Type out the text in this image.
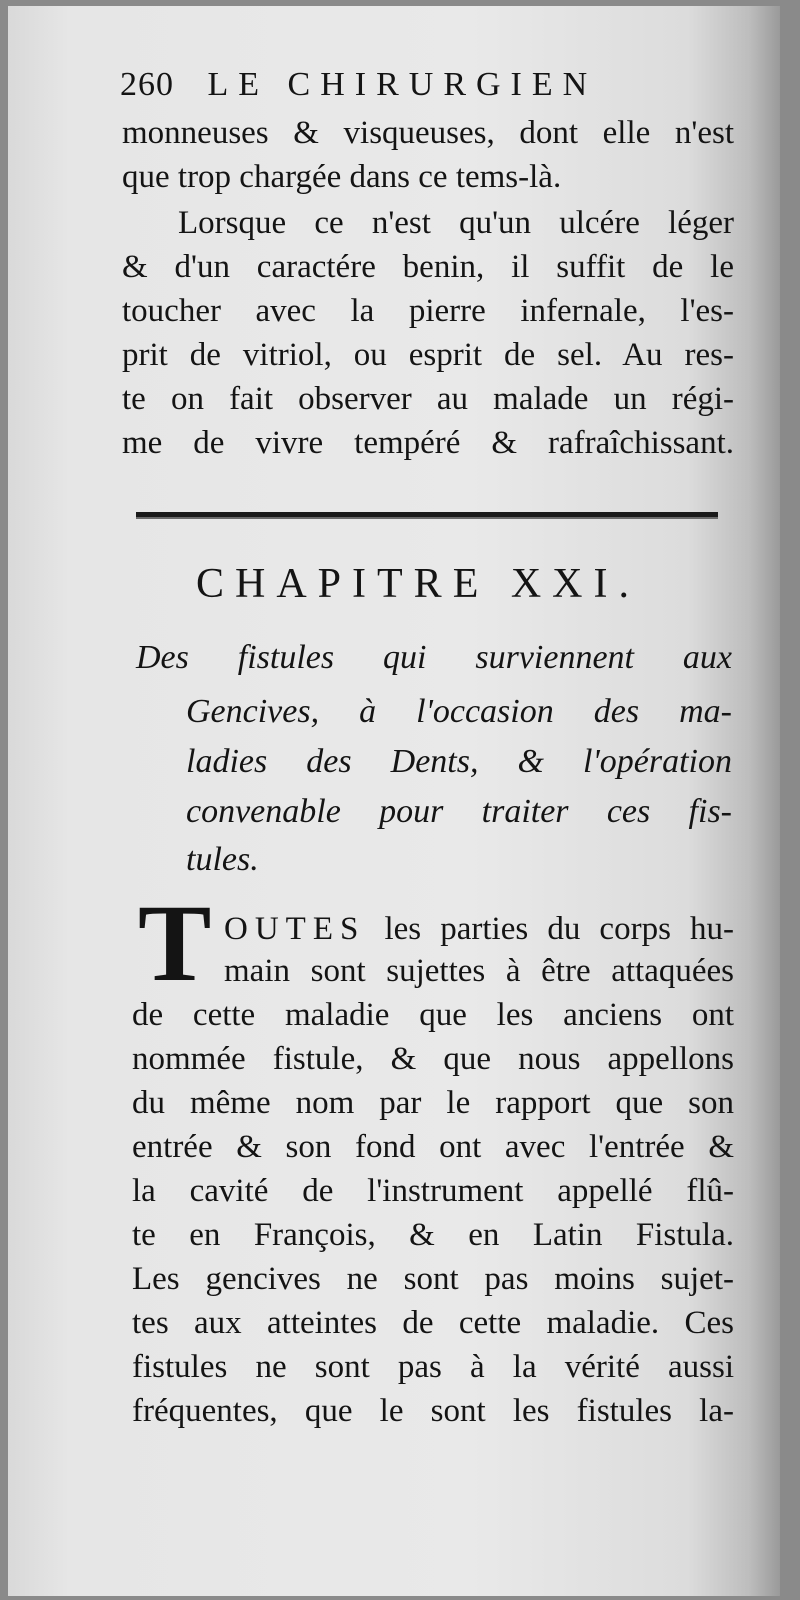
260 LE CHIRURGIEN
monneuses & visqueuses, dont elle n'est
que trop chargée dans ce tems-là.
Lorsque ce n'est qu'un ulcére léger
& d'un caractére benin, il suffit de le
toucher avec la pierre infernale, l'es-
prit de vitriol, ou esprit de sel. Au res-
te on fait observer au malade un régi-
me de vivre tempéré & rafraîchissant.
CHAPITRE XXI.
Des fistules qui surviennent aux
Gencives, à l'occasion des ma-
ladies des Dents, & l'opération
convenable pour traiter ces fis-
tules.
T OUTES les parties du corps hu-
main sont sujettes à être attaquées
de cette maladie que les anciens ont
nommée fistule, & que nous appellons
du même nom par le rapport que son
entrée & son fond ont avec l'entrée &
la cavité de l'instrument appellé flû-
te en François, & en Latin Fistula.
Les gencives ne sont pas moins sujet-
tes aux atteintes de cette maladie. Ces
fistules ne sont pas à la vérité aussi
fréquentes, que le sont les fistules la-
